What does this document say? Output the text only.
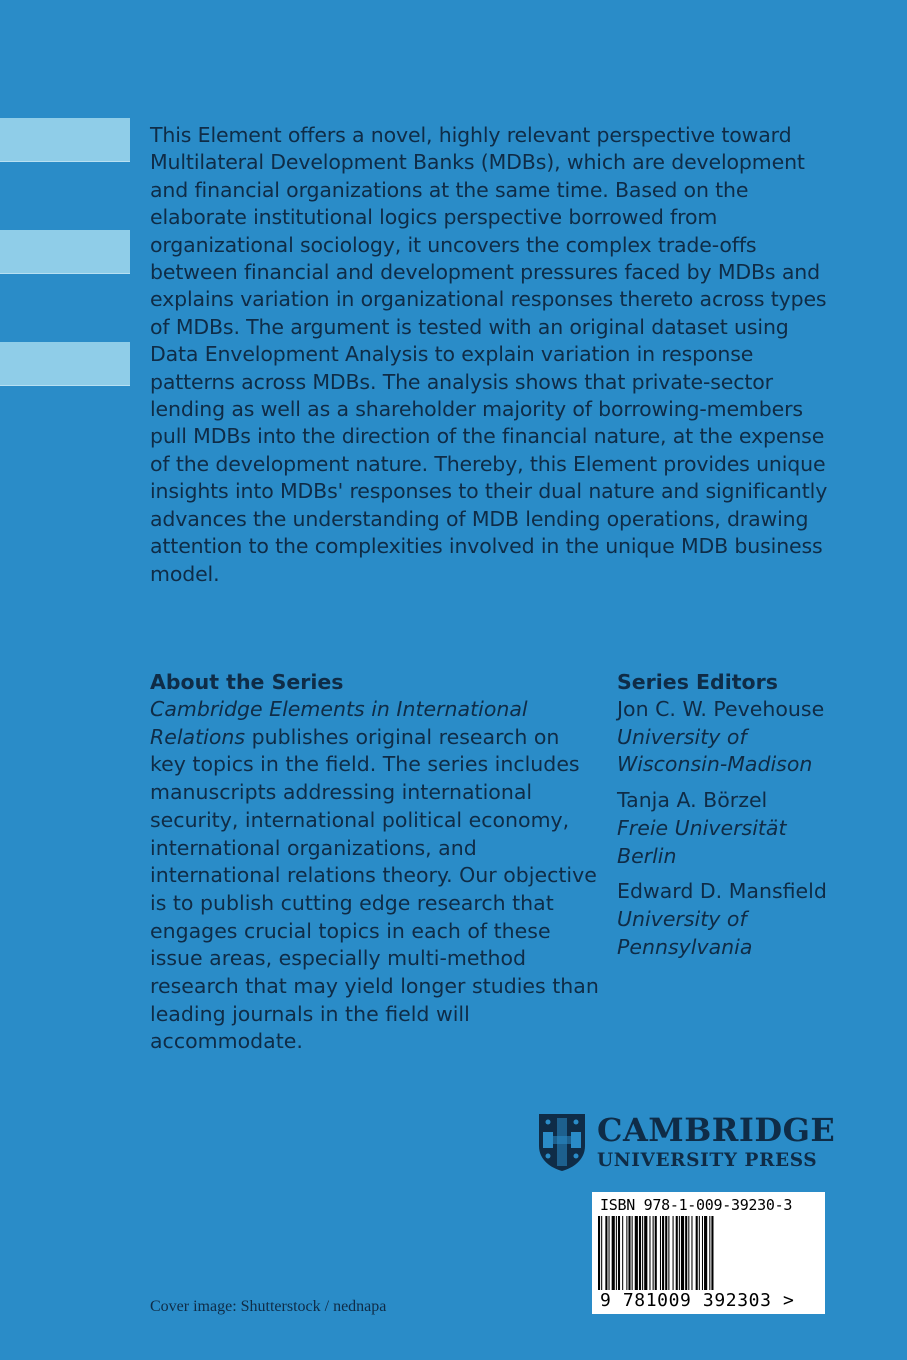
This Element offers a novel, highly relevant perspective toward Multilateral Development Banks (MDBs), which are development and financial organizations at the same time. Based on the elaborate institutional logics perspective borrowed from organizational sociology, it uncovers the complex trade-offs between financial and development pressures faced by MDBs and explains variation in organizational responses thereto across types of MDBs. The argument is tested with an original dataset using Data Envelopment Analysis to explain variation in response patterns across MDBs. The analysis shows that private-sector lending as well as a shareholder majority of borrowing-members pull MDBs into the direction of the financial nature, at the expense of the development nature. Thereby, this Element provides unique insights into MDBs' responses to their dual nature and significantly advances the understanding of MDB lending operations, drawing attention to the complexities involved in the unique MDB business model.

About the Series

Cambridge Elements in International Relations publishes original research on key topics in the field. The series includes manuscripts addressing international security, international political economy, international organizations, and international relations theory. Our objective is to publish cutting edge research that engages crucial topics in each of these issue areas, especially multi-method research that may yield longer studies than leading journals in the field will accommodate.

Series Editors
Jon C. W. Pevehouse
University of
Wisconsin-Madison
Tanja A. Börzel
Freie Universität
Berlin
Edward D. Mansfield
University of
Pennsylvania
CAMBRIDGE
UNIVERSITY PRESS
ISBN 978-1-009-39230-3
9 781009 392303 >
Cover image: Shutterstock / nednapa
